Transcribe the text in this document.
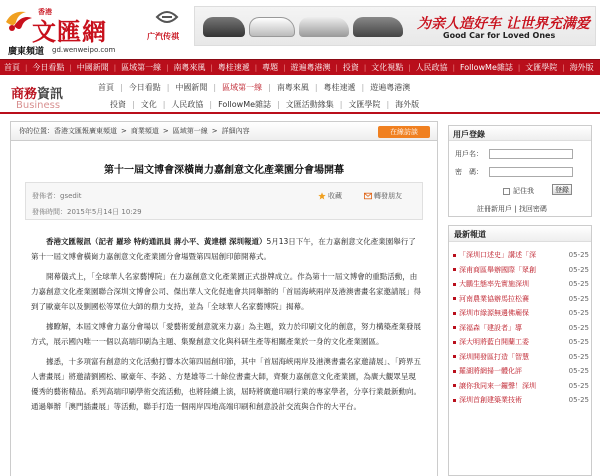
香港
文匯網
廣東頻道 gd.wenweipo.com
广汽传祺
为亲人造好车 让世界充满爱
Good Car for Loved Ones
首頁 | 今日看點 | 中國新聞 | 區域第一線 | 南粵來風 | 粵桂速遞 | 專題 | 遊遍粵港澳 | 投資 | 文化視點 | 人民政協 | FollowMe雜誌 | 文匯學院 | 海外版
商務資訊
Business
首頁 | 今日看點 | 中國新聞 | 區域第一線 | 南粵來風 | 粵桂速遞 | 遊遍粵港澳
投資 | 文化 | 人民政協 | FollowMe雜誌 | 文匯活動緣集 | 文匯學院 | 海外版
你的位置： 香港文匯報廣東頻道 > 商業頻道 > 區域第一線 > 詳細內容	在線訪談
第十一屆文博會深橫崗力嘉創意文化產業園分會場開幕
發佈者：gsedit
發佈時間：2015年5月14日 10:29
收藏	轉發朋友

香港文匯報訊（記者 羅珍 特約通訊員 蔣小平、黃達標 深圳報道）5月13日下午，在力嘉創意文化產業園舉行了第十一屆文博會橫崗力嘉創意文化產業園分會場暨第四屆創印節開幕式。

開幕儀式上，「全球華人名家藝博院」在力嘉創意文化產業園正式掛牌成立。作為第十一屆文博會的重點活動，由力嘉創意文化產業園聯合深圳文博會公司、傑出華人文化促進會共同舉辦的「首屆海峽兩岸及港澳書畫名家邀請展」得到了歐豪年以及劉國松等眾位大師的鼎力支持，並為「全球華人名家藝博院」揭幕。

據瞭解，本屆文博會力嘉分會場以「愛藝術愛創意就來力嘉」為主題，致力於印刷文化的創意，努力構築產業發展方式，展示國內唯一一個以高端印刷為主題、集聚創意文化與科研生產等相關產業於一身的文化產業園區。

據悉，十多項富有創意的文化活動打響本次第四屆創印節，其中「首屆海峽兩岸及港澳書畫名家邀請展」、「跨界五人書畫展」將邀請劉國松、歐豪年、李銘 、方楚雄等二十餘位書畫大師，齊聚力嘉創意文化產業園，為廣大觀眾呈現優秀的藝術精品。系列高端印刷學術交流活動，也將陸續上演，屆時將廣邀印刷行業的專家學者，分享行業最新動向。通過舉辦「澳門插畫展」等活動，聯手打造一個兩岸四地高端印刷和創意設計交流與合作的大平台。

用戶登錄
用戶名：
密　碼：
記住我	登錄
註冊新用戶 | 找回密碼
最新報道
「深圳口述史」講述「深	05-25
深甫商區舉辦國際「眾創	05-25
大鵬生態率先實施深圳	05-25
河南農業協辦馬拉松賽	05-25
深圳市綠源無邊佛廟保	05-25
深福森「建設者」導	05-25
深大明將藍白開蘭工委	05-25
深圳開發區打造「智慧	05-25
羅湖將網掃一體化評	05-25
譲你我同來一鑼聲！深圳	05-25
深圳首創建築業技術	05-25
